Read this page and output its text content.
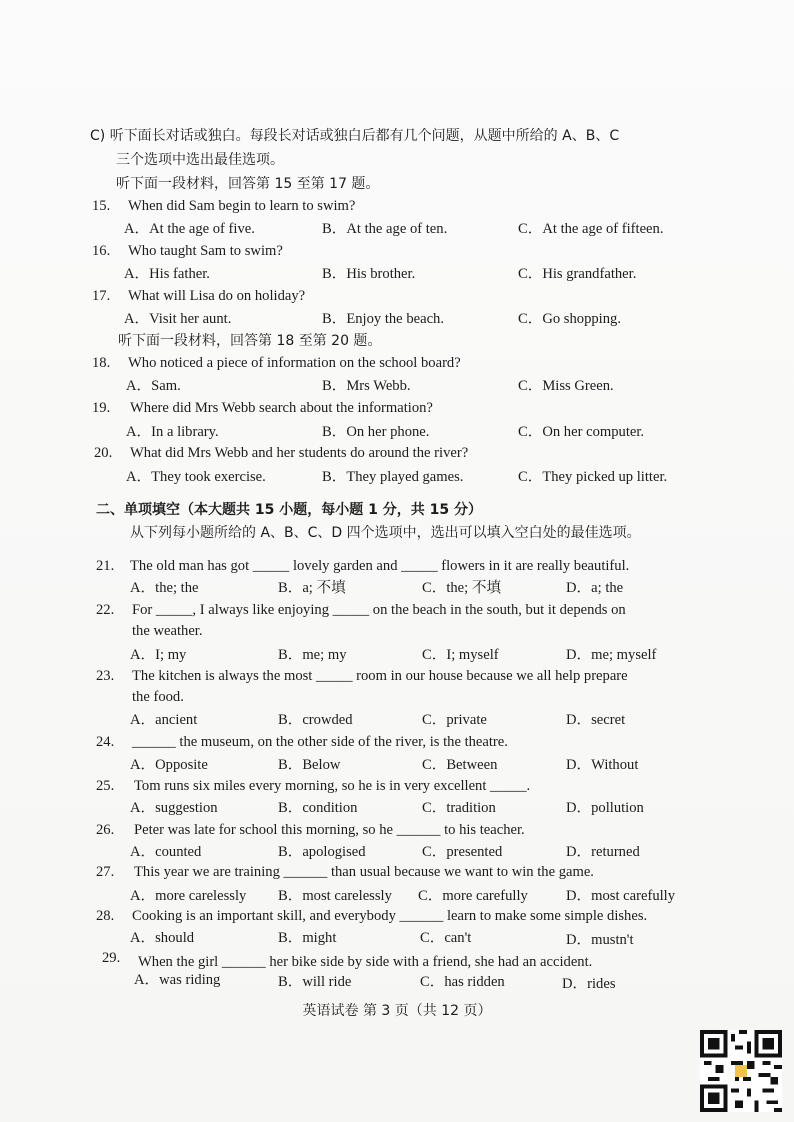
C) 听下面长对话或独白。每段长对话或独白后都有几个问题，从题中所给的 A、B、C
三个选项中选出最佳选项。
听下面一段材料，回答第 15 至第 17 题。
15. When did Sam begin to learn to swim?
A．At the age of five.	B．At the age of ten.	C．At the age of fifteen.
16. Who taught Sam to swim?
A．His father.	B．His brother.	C．His grandfather.
17. What will Lisa do on holiday?
A．Visit her aunt.	B．Enjoy the beach.	C．Go shopping.
听下面一段材料，回答第 18 至第 20 题。
18. Who noticed a piece of information on the school board?
A．Sam.	B．Mrs Webb.	C．Miss Green.
19. Where did Mrs Webb search about the information?
A．In a library.	B．On her phone.	C．On her computer.
20. What did Mrs Webb and her students do around the river?
A．They took exercise.	B．They played games.	C．They picked up litter.
二、单项填空（本大题共 15 小题，每小题 1 分，共 15 分）
从下列每小题所给的 A、B、C、D 四个选项中，选出可以填入空白处的最佳选项。
21. The old man has got _____ lovely garden and _____ flowers in it are really beautiful.
A．the; the	B．a; 不填	C．the; 不填	D．a; the
22. For _____, I always like enjoying _____ on the beach in the south, but it depends on
the weather.
A．I; my	B．me; my	C．I; myself	D．me; myself
23. The kitchen is always the most _____ room in our house because we all help prepare
the food.
A．ancient	B．crowded	C．private	D．secret
24. ______ the museum, on the other side of the river, is the theatre.
A．Opposite	B．Below	C．Between	D．Without
25. Tom runs six miles every morning, so he is in very excellent _____.
A．suggestion	B．condition	C．tradition	D．pollution
26. Peter was late for school this morning, so he ______ to his teacher.
A．counted	B．apologised	C．presented	D．returned
27. This year we are training ______ than usual because we want to win the game.
A．more carelessly B．most carelessly C．more carefully	D．most carefully
28. Cooking is an important skill, and everybody ______ learn to make some simple dishes.
A．should	B．might	C．can't	D．mustn't
29. When the girl ______ her bike side by side with a friend, she had an accident.
A．was riding	B．will ride	C．has ridden	D．rides
英语试卷 第 3 页（共 12 页）
